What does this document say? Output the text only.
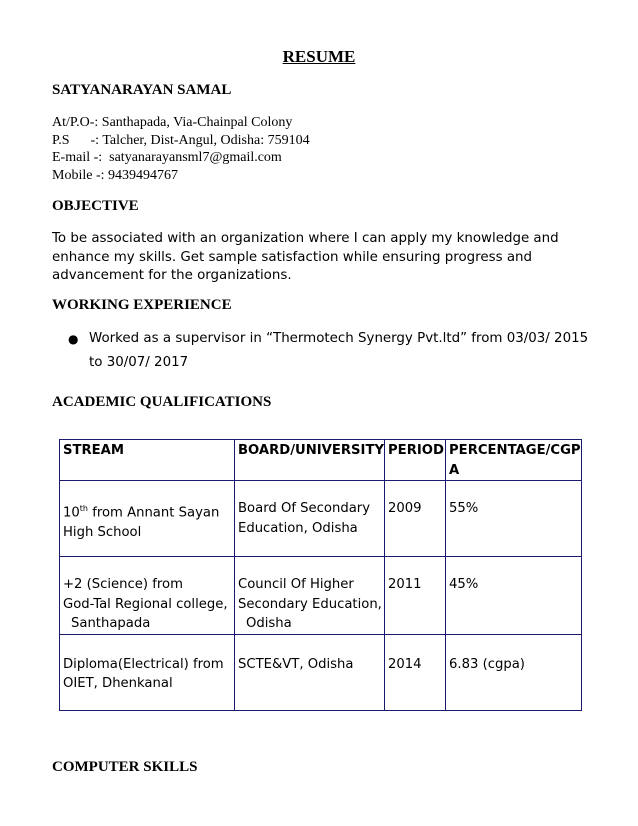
RESUME
SATYANARAYAN SAMAL
At/P.O-: Santhapada, Via-Chainpal Colony
P.S      -: Talcher, Dist-Angul, Odisha: 759104
E-mail -:  satyanarayansml7@gmail.com
Mobile -: 9439494767
OBJECTIVE
To be associated with an organization where I can apply my knowledge and enhance my skills. Get sample satisfaction while ensuring progress and advancement for the organizations.
WORKING EXPERIENCE
● Worked as a supervisor in “Thermotech Synergy Pvt.ltd” from 03/03/ 2015 to 30/07/ 2017
ACADEMIC QUALIFICATIONS
STREAM	BOARD/UNIVERSITY	PERIOD	PERCENTAGE/CGP
A

10th from Annant Sayan
High School	Board Of Secondary
Education, Odisha	2009	55%

+2 (Science) from
God-Tal Regional college,
Santhapada	Council Of Higher
Secondary Education,
Odisha	2011	45%

Diploma(Electrical) from
OIET, Dhenkanal	SCTE&VT, Odisha	2014	6.83 (cgpa)
COMPUTER SKILLS
